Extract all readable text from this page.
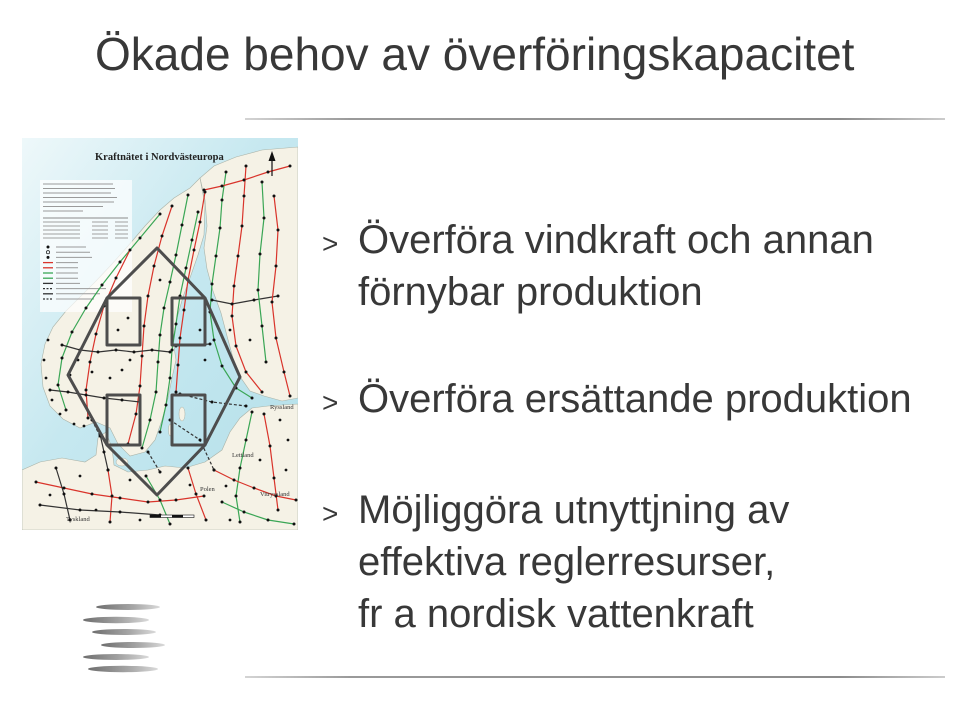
Ökade behov av överföringskapacitet
Kraftnätet i Nordvästeuropa
Ryssland
Lettland
Vitryssland
Polen
Tyskland
> Överföra vindkraft och annan
förnybar produktion
> Överföra ersättande produktion
> Möjliggöra utnyttjning av
effektiva reglerresurser,
fr a nordisk vattenkraft
